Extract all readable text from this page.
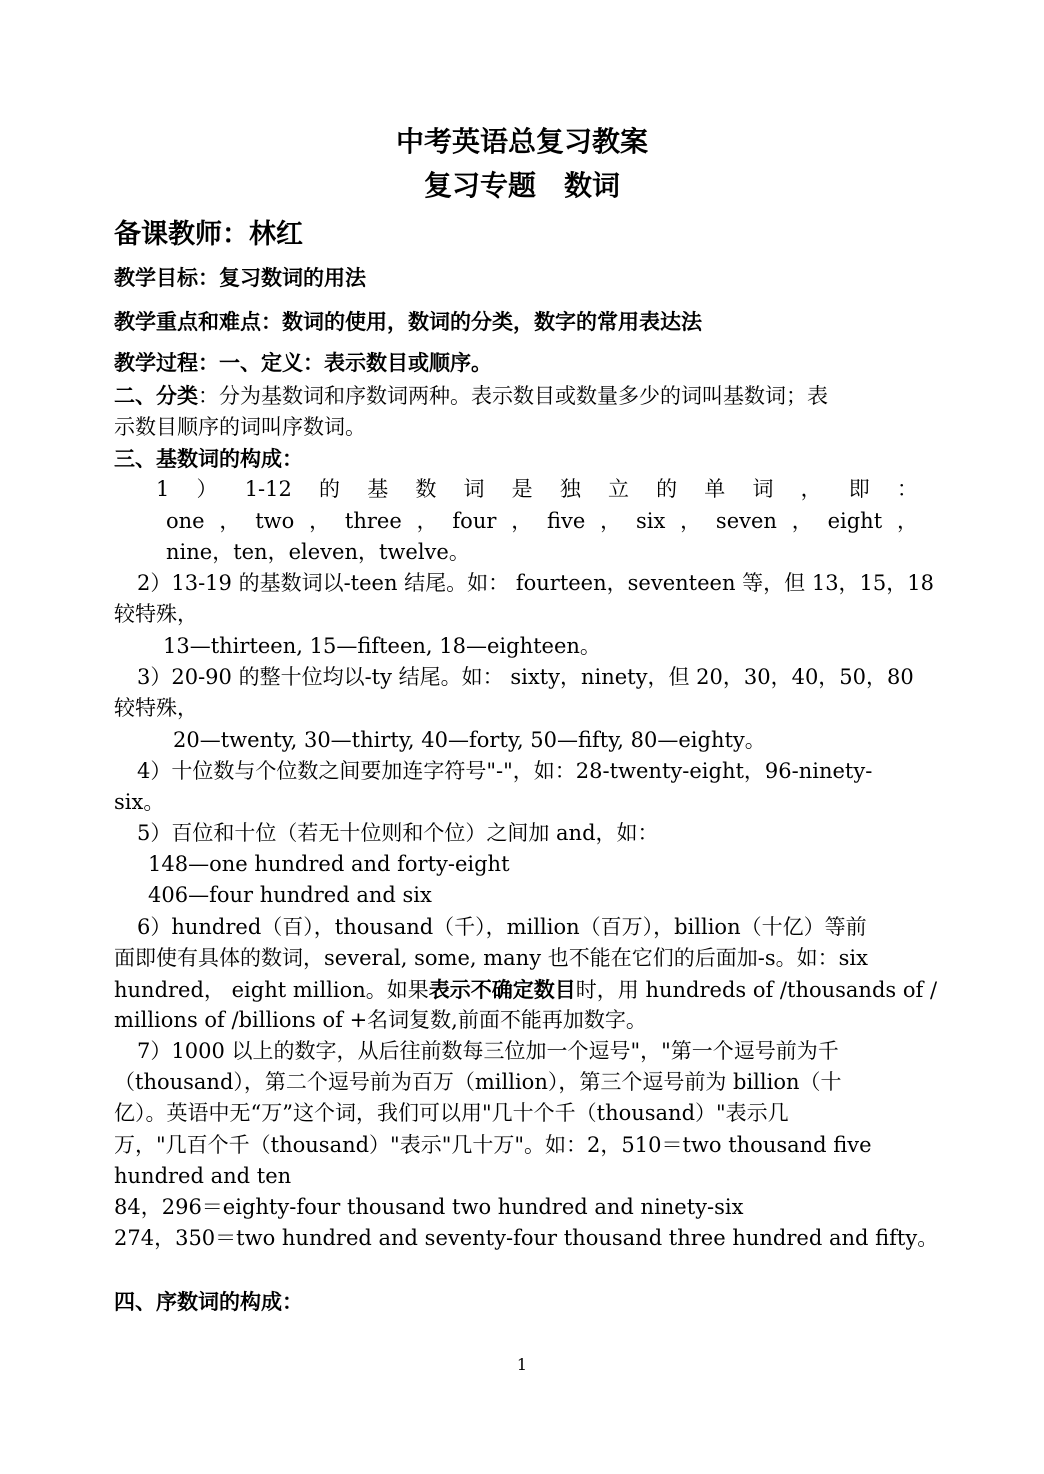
中考英语总复习教案
复习专题　数词
备课教师：林红
教学目标：复习数词的用法
教学重点和难点：数词的使用，数词的分类，数字的常用表达法
教学过程：一、定义：表示数目或顺序。
二、分类：分为基数词和序数词两种。表示数目或数量多少的词叫基数词；表
示数目顺序的词叫序数词。
三、基数词的构成：
1 ） 1-12 的 基 数 词 是 独 立 的 单 词 ， 即 ：
one ， two ， three ， four ， five ， six ， seven ， eight ，
nine，ten，eleven，twelve。
2）13-19 的基数词以-teen 结尾。如： fourteen，seventeen 等，但 13，15，18
较特殊，
13—thirteen, 15—fifteen, 18—eighteen。
3）20-90 的整十位均以-ty 结尾。如： sixty，ninety，但 20，30，40，50，80
较特殊，
20—twenty, 30—thirty, 40—forty, 50—fifty, 80—eighty。
4）十位数与个位数之间要加连字符号"-"，如：28-twenty-eight，96-ninety-
six。
5）百位和十位（若无十位则和个位）之间加 and，如：
148—one hundred and forty-eight
406—four hundred and six
6）hundred（百），thousand（千），million（百万），billion（十亿）等前
面即使有具体的数词，several, some, many 也不能在它们的后面加-s。如：six
hundred， eight million。如果表示不确定数目时，用 hundreds of /thousands of /
millions of /billions of +名词复数,前面不能再加数字。
7）1000 以上的数字，从后往前数每三位加一个逗号"，"第一个逗号前为千
（thousand），第二个逗号前为百万（million），第三个逗号前为 billion（十
亿）。英语中无“万”这个词，我们可以用"几十个千（thousand）"表示几
万，"几百个千（thousand）"表示"几十万"。如：2，510＝two thousand five
hundred and ten
84，296＝eighty-four thousand two hundred and ninety-six
274，350＝two hundred and seventy-four thousand three hundred and fifty。
四、序数词的构成：
1
